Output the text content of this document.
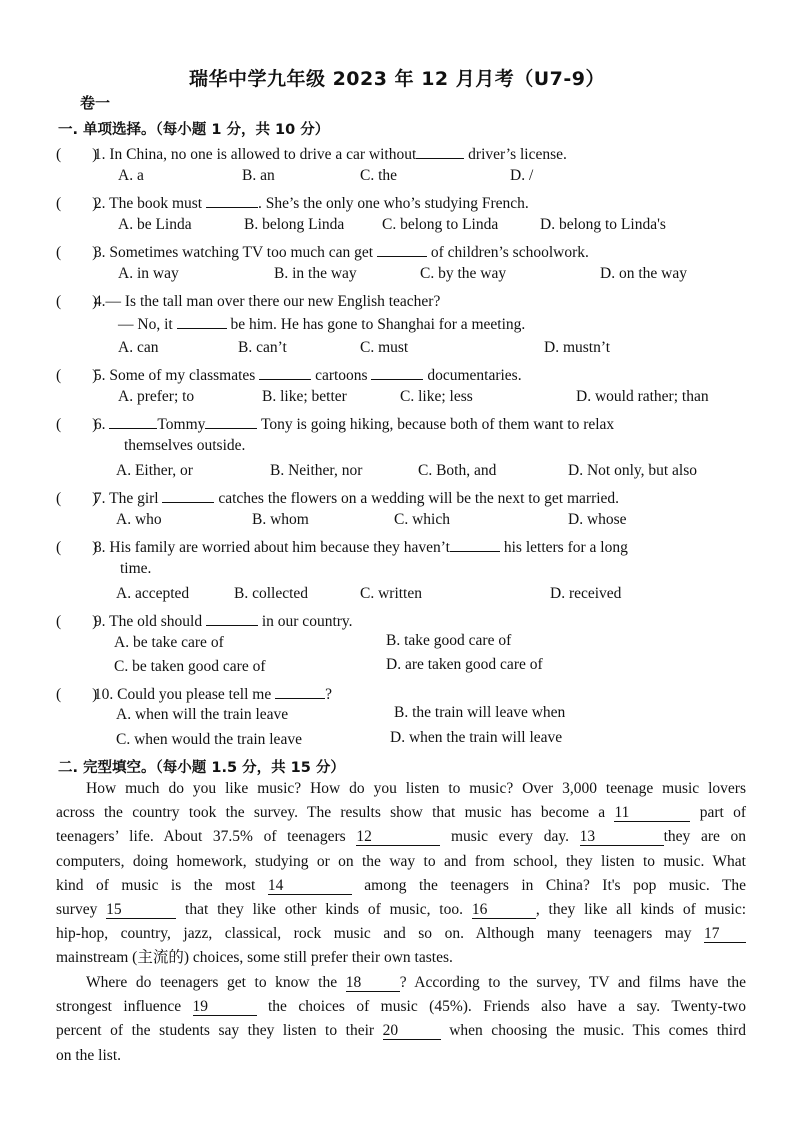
瑞华中学九年级 2023 年 12 月月考（U7-9）
卷一
一. 单项选择。（每小题 1 分，共 10 分）
(　　) 1. In China, no one is allowed to drive a car without	driver’s license.
A. a	B. an	C. the	D. /
(　　) 2. The book must	. She’s the only one who’s studying French.
A. be Linda	B. belong Linda C. belong to Linda	D. belong to Linda's
(　　) 3. Sometimes watching TV too much can get	of children’s schoolwork.
A. in way	B. in the way	C. by the way	D. on the way
(　　) 4.— Is the tall man over there our new English teacher?
— No, it	be him. He has gone to Shanghai for a meeting.
A. can	B. can’t	C. must	D. mustn’t
(　　) 5. Some of my classmates	cartoons	documentaries.
A. prefer; to	B. like; better	C. like; less	D. would rather; than
(　　) 6.	Tommy	Tony is going hiking, because both of them want to relax
themselves outside.
A. Either, or	B. Neither, nor	C. Both, and	D. Not only, but also
(　　) 7. The girl	catches the flowers on a wedding will be the next to get married.
A. who	B. whom	C. which	D. whose
(　　) 8. His family are worried about him because they haven’t	his letters for a long
time.
A. accepted	B. collected	C. written	D. received
(　　) 9. The old should	in our country.
A. be take care of	B. take good care of
C. be taken good care of	D. are taken good care of
(　　) 10. Could you please tell me	?
A. when will the train leave	B. the train will leave when
C. when would the train leave	D. when the train will leave
二. 完型填空。（每小题 1.5 分，共 15 分）
How much do you like music? How do you listen to music? Over 3,000 teenage music lovers
across the country took the survey. The results show that music has become a 11	part of
teenagers’ life. About 37.5% of teenagers 12	music every day. 13	they are on
computers, doing homework, studying or on the way to and from school, they listen to music. What
kind of music is the most 14	among the teenagers in China? It's pop music. The
survey 15	that they like other kinds of music, too. 16	, they like all kinds of music:
hip-hop, country, jazz, classical, rock music and so on. Although many teenagers may 17
mainstream (主流的) choices, some still prefer their own tastes.
Where do teenagers get to know the 18 ? According to the survey, TV and films have the
strongest influence 19	the choices of music (45%). Friends also have a say. Twenty-two
percent of the students say they listen to their 20	when choosing the music. This comes third
on the list.
